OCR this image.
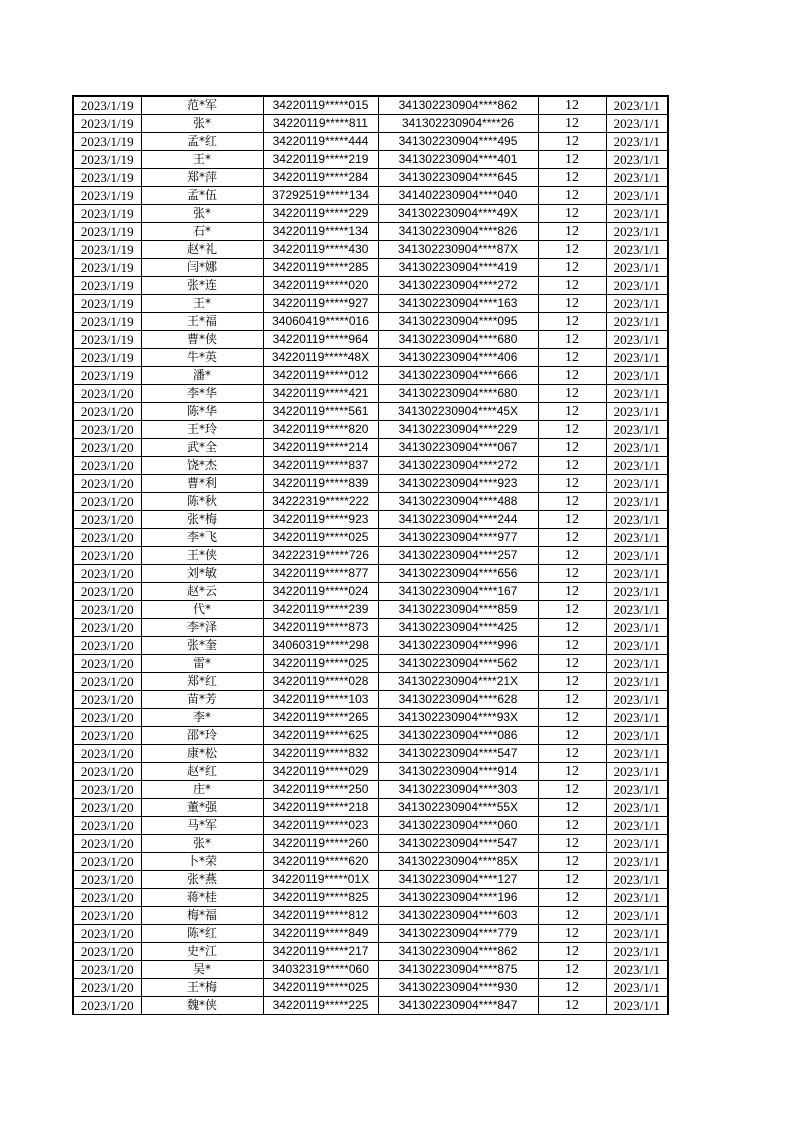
2023/1/19	范*军	34220119*****015	341302230904****862	12	2023/1/1
2023/1/19	张*	34220119*****811	341302230904****26	12	2023/1/1
2023/1/19	孟*红	34220119*****444	341302230904****495	12	2023/1/1
2023/1/19	王*	34220119*****219	341302230904****401	12	2023/1/1
2023/1/19	郑*萍	34220119*****284	341302230904****645	12	2023/1/1
2023/1/19	孟*伍	37292519*****134	341402230904****040	12	2023/1/1
2023/1/19	张*	34220119*****229	341302230904****49X	12	2023/1/1
2023/1/19	石*	34220119*****134	341302230904****826	12	2023/1/1
2023/1/19	赵*礼	34220119*****430	341302230904****87X	12	2023/1/1
2023/1/19	闫*娜	34220119*****285	341302230904****419	12	2023/1/1
2023/1/19	张*连	34220119*****020	341302230904****272	12	2023/1/1
2023/1/19	王*	34220119*****927	341302230904****163	12	2023/1/1
2023/1/19	王*福	34060419*****016	341302230904****095	12	2023/1/1
2023/1/19	曹*侠	34220119*****964	341302230904****680	12	2023/1/1
2023/1/19	牛*英	34220119*****48X	341302230904****406	12	2023/1/1
2023/1/19	潘*	34220119*****012	341302230904****666	12	2023/1/1
2023/1/20	李*华	34220119*****421	341302230904****680	12	2023/1/1
2023/1/20	陈*华	34220119*****561	341302230904****45X	12	2023/1/1
2023/1/20	王*玲	34220119*****820	341302230904****229	12	2023/1/1
2023/1/20	武*全	34220119*****214	341302230904****067	12	2023/1/1
2023/1/20	饶*杰	34220119*****837	341302230904****272	12	2023/1/1
2023/1/20	曹*利	34220119*****839	341302230904****923	12	2023/1/1
2023/1/20	陈*秋	34222319*****222	341302230904****488	12	2023/1/1
2023/1/20	张*梅	34220119*****923	341302230904****244	12	2023/1/1
2023/1/20	李*飞	34220119*****025	341302230904****977	12	2023/1/1
2023/1/20	王*侠	34222319*****726	341302230904****257	12	2023/1/1
2023/1/20	刘*敏	34220119*****877	341302230904****656	12	2023/1/1
2023/1/20	赵*云	34220119*****024	341302230904****167	12	2023/1/1
2023/1/20	代*	34220119*****239	341302230904****859	12	2023/1/1
2023/1/20	李*泽	34220119*****873	341302230904****425	12	2023/1/1
2023/1/20	张*奎	34060319*****298	341302230904****996	12	2023/1/1
2023/1/20	雷*	34220119*****025	341302230904****562	12	2023/1/1
2023/1/20	郑*红	34220119*****028	341302230904****21X	12	2023/1/1
2023/1/20	苗*芳	34220119*****103	341302230904****628	12	2023/1/1
2023/1/20	李*	34220119*****265	341302230904****93X	12	2023/1/1
2023/1/20	邵*玲	34220119*****625	341302230904****086	12	2023/1/1
2023/1/20	康*松	34220119*****832	341302230904****547	12	2023/1/1
2023/1/20	赵*红	34220119*****029	341302230904****914	12	2023/1/1
2023/1/20	庄*	34220119*****250	341302230904****303	12	2023/1/1
2023/1/20	董*强	34220119*****218	341302230904****55X	12	2023/1/1
2023/1/20	马*军	34220119*****023	341302230904****060	12	2023/1/1
2023/1/20	张*	34220119*****260	341302230904****547	12	2023/1/1
2023/1/20	卜*荣	34220119*****620	341302230904****85X	12	2023/1/1
2023/1/20	张*燕	34220119*****01X	341302230904****127	12	2023/1/1
2023/1/20	蒋*桂	34220119*****825	341302230904****196	12	2023/1/1
2023/1/20	梅*福	34220119*****812	341302230904****603	12	2023/1/1
2023/1/20	陈*红	34220119*****849	341302230904****779	12	2023/1/1
2023/1/20	史*江	34220119*****217	341302230904****862	12	2023/1/1
2023/1/20	吴*	34032319*****060	341302230904****875	12	2023/1/1
2023/1/20	王*梅	34220119*****025	341302230904****930	12	2023/1/1
2023/1/20	魏*侠	34220119*****225	341302230904****847	12	2023/1/1
